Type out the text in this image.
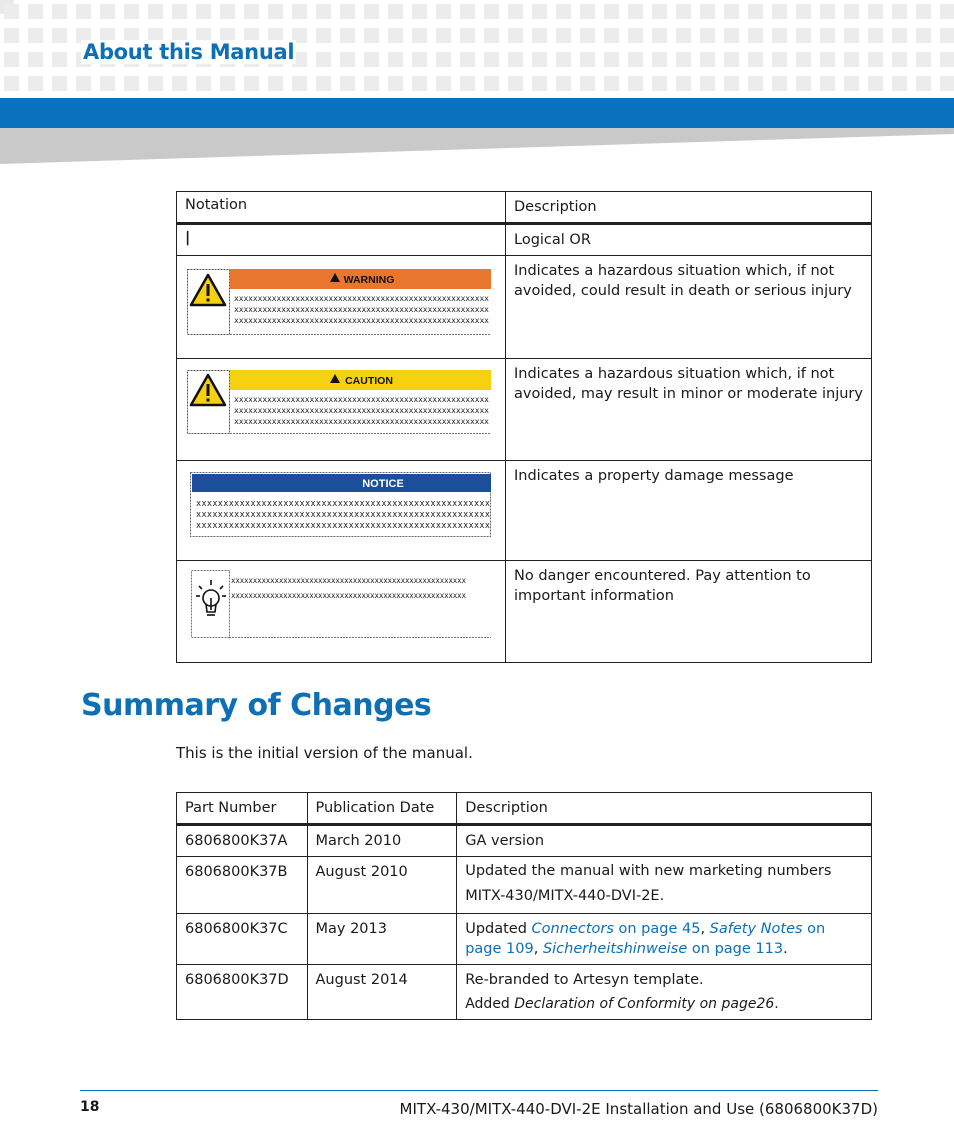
About this Manual
Notation	Description
|	Logical OR

WARNING
xxxxxxxxxxxxxxxxxxxxxxxxxxxxxxxxxxxxxxxxxxxxxxxxxxxxxx
xxxxxxxxxxxxxxxxxxxxxxxxxxxxxxxxxxxxxxxxxxxxxxxxxxxxxx
xxxxxxxxxxxxxxxxxxxxxxxxxxxxxxxxxxxxxxxxxxxxxxxxxxxxxx	Indicates a hazardous situation which, if not avoided, could result in death or serious injury

CAUTION
xxxxxxxxxxxxxxxxxxxxxxxxxxxxxxxxxxxxxxxxxxxxxxxxxxxxxx
xxxxxxxxxxxxxxxxxxxxxxxxxxxxxxxxxxxxxxxxxxxxxxxxxxxxxx
xxxxxxxxxxxxxxxxxxxxxxxxxxxxxxxxxxxxxxxxxxxxxxxxxxxxxx	Indicates a hazardous situation which, if not avoided, may result in minor or moderate injury

NOTICE
xxxxxxxxxxxxxxxxxxxxxxxxxxxxxxxxxxxxxxxxxxxxxxxxxxxxxx
xxxxxxxxxxxxxxxxxxxxxxxxxxxxxxxxxxxxxxxxxxxxxxxxxxxxxx
xxxxxxxxxxxxxxxxxxxxxxxxxxxxxxxxxxxxxxxxxxxxxxxxxxxxxx	Indicates a property damage message

xxxxxxxxxxxxxxxxxxxxxxxxxxxxxxxxxxxxxxxxxxxxxxxxxxxxxx
xxxxxxxxxxxxxxxxxxxxxxxxxxxxxxxxxxxxxxxxxxxxxxxxxxxxxx	No danger encountered. Pay attention to important information
Summary of Changes

This is the initial version of the manual.

Part Number	Publication Date	Description
6806800K37A	March 2010	GA version
6806800K37B	August 2010	Updated the manual with new marketing numbers MITX-430/MITX-440-DVI-2E.
6806800K37C	May 2013	Updated Connectors on page 45, Safety Notes on page 109, Sicherheitshinweise on page 113.
6806800K37D	August 2014	Re-branded to Artesyn template.
Added Declaration of Conformity on page26.
18	MITX-430/MITX-440-DVI-2E Installation and Use (6806800K37D)
